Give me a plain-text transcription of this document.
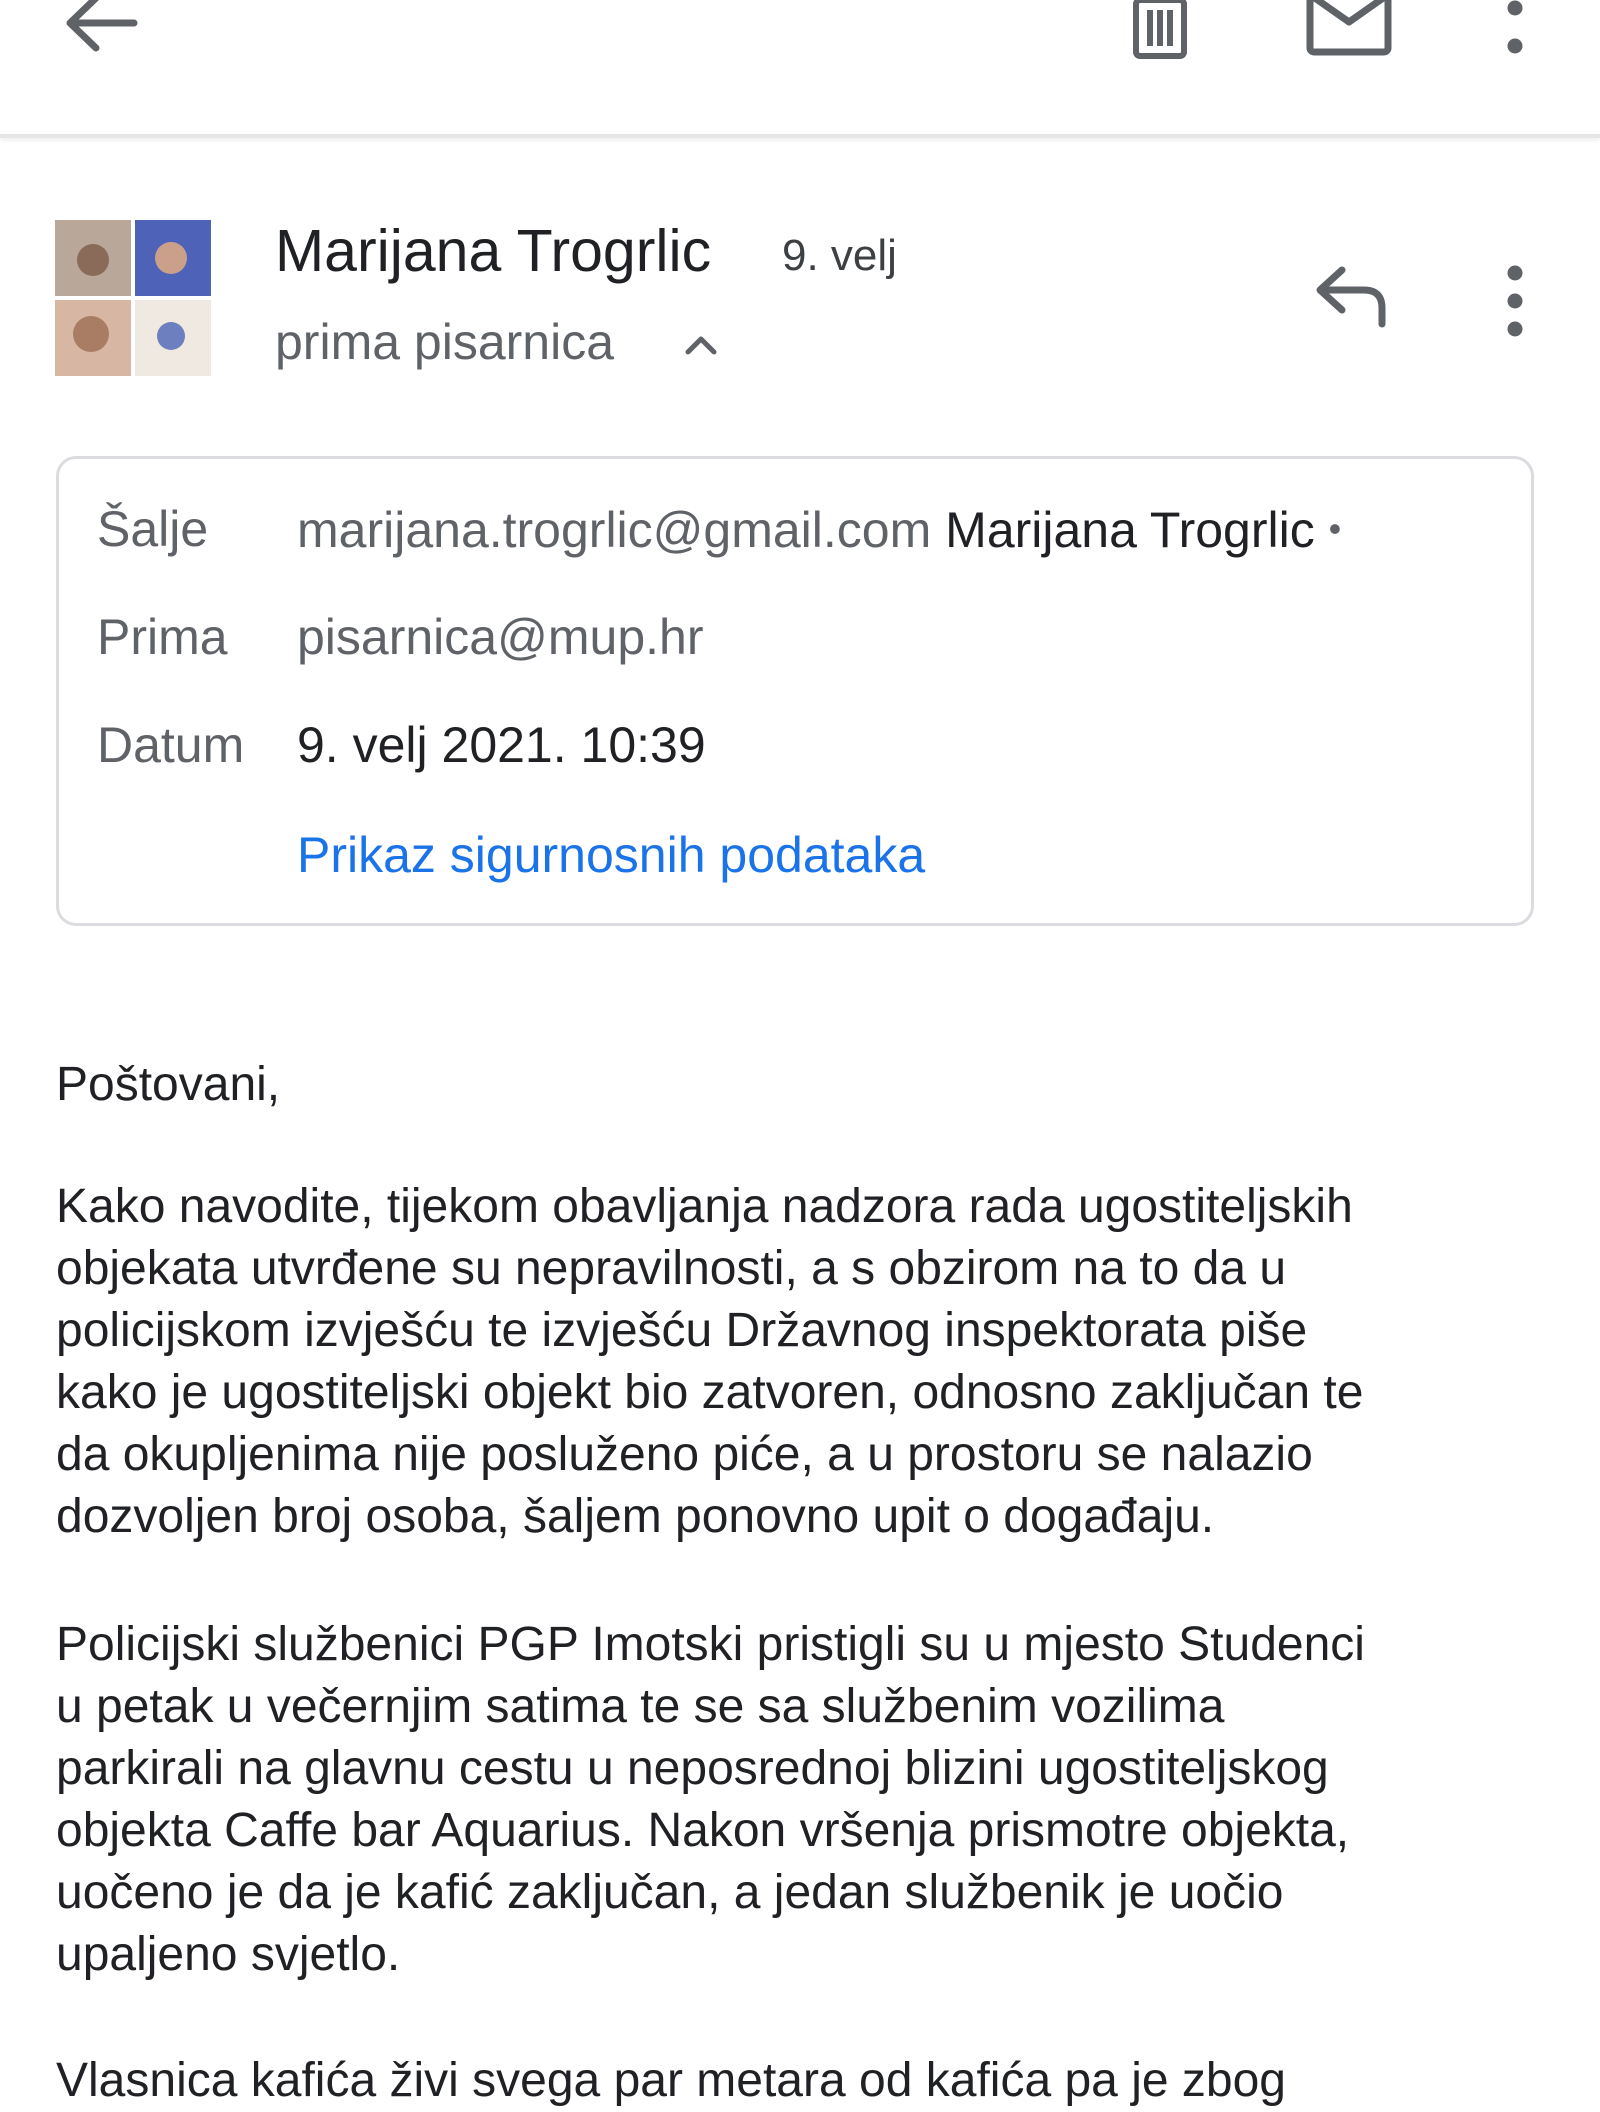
Marijana Trogrlic 9. velj
prima pisarnica
Šalje marijana.trogrlic@gmail.com Marijana Trogrlic •
Prima pisarnica@mup.hr
Datum 9. velj 2021. 10:39
Prikaz sigurnosnih podataka

Poštovani,

Kako navodite, tijekom obavljanja nadzora rada ugostiteljskih
objekata utvrđene su nepravilnosti, a s obzirom na to da u
policijskom izvješću te izvješću Državnog inspektorata piše
kako je ugostiteljski objekt bio zatvoren, odnosno zaključan te
da okupljenima nije posluženo piće, a u prostoru se nalazio
dozvoljen broj osoba, šaljem ponovno upit o događaju.

Policijski službenici PGP Imotski pristigli su u mjesto Studenci
u petak u večernjim satima te se sa službenim vozilima
parkirali na glavnu cestu u neposrednoj blizini ugostiteljskog
objekta Caffe bar Aquarius. Nakon vršenja prismotre objekta,
uočeno je da je kafić zaključan, a jedan službenik je uočio
upaljeno svjetlo.

Vlasnica kafića živi svega par metara od kafića pa je zbog
